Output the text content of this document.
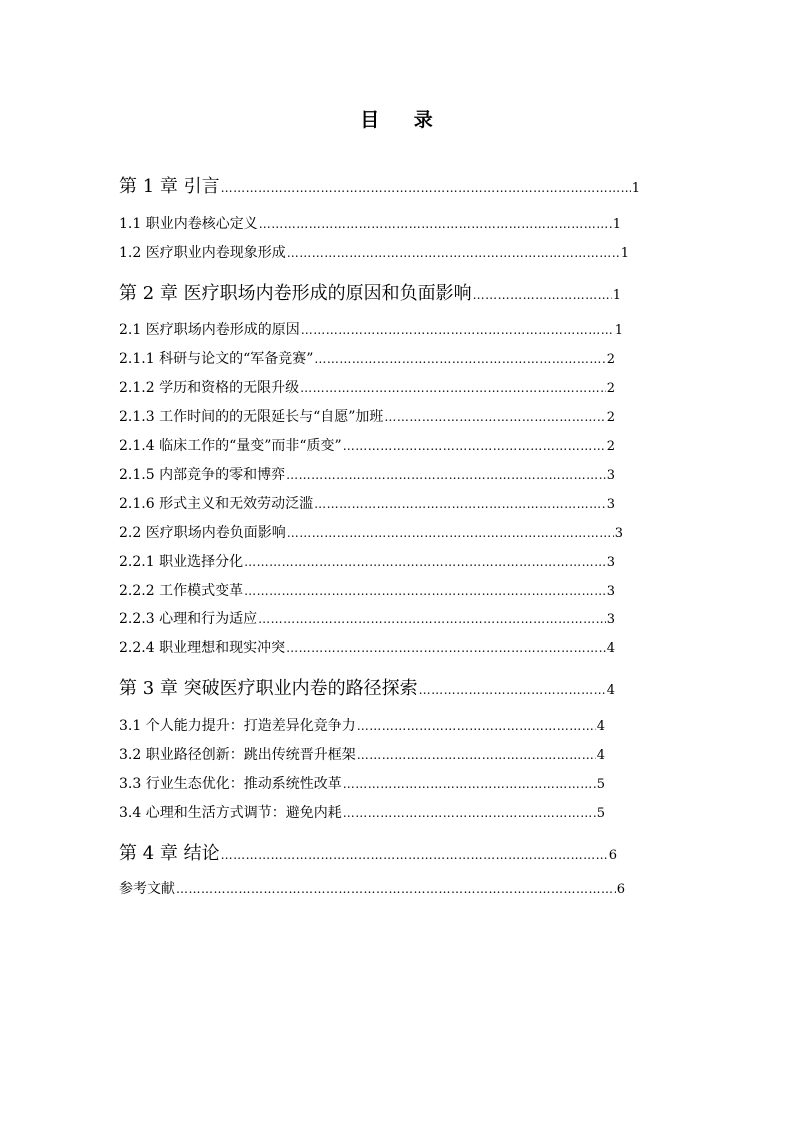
目 录
第 1 章 引言 ……………………………………………………………………………………………………………………………………………………………………	1
1.1 职业内卷核心定义 ……………………………………………………………………………………………………………………………………………………………………	1
1.2 医疗职业内卷现象形成 ……………………………………………………………………………………………………………………………………………………………………	1
第 2 章 医疗职场内卷形成的原因和负面影响 ……………………………………………………………………………………………………………………………………………………………………	1
2.1 医疗职场内卷形成的原因 ……………………………………………………………………………………………………………………………………………………………………	1
2.1.1 科研与论文的“军备竞赛” ……………………………………………………………………………………………………………………………………………………………………	2
2.1.2 学历和资格的无限升级 ……………………………………………………………………………………………………………………………………………………………………	2
2.1.3 工作时间的的无限延长与“自愿”加班 ……………………………………………………………………………………………………………………………………………………………………	2
2.1.4 临床工作的“量变”而非“质变” ……………………………………………………………………………………………………………………………………………………………………	2
2.1.5 内部竞争的零和博弈 ……………………………………………………………………………………………………………………………………………………………………	3
2.1.6 形式主义和无效劳动泛滥 ……………………………………………………………………………………………………………………………………………………………………	3
2.2 医疗职场内卷负面影响 ……………………………………………………………………………………………………………………………………………………………………	3
2.2.1 职业选择分化 ……………………………………………………………………………………………………………………………………………………………………	3
2.2.2 工作模式变革 ……………………………………………………………………………………………………………………………………………………………………	3
2.2.3 心理和行为适应 ……………………………………………………………………………………………………………………………………………………………………	3
2.2.4 职业理想和现实冲突 ……………………………………………………………………………………………………………………………………………………………………	4
第 3 章 突破医疗职业内卷的路径探索 ……………………………………………………………………………………………………………………………………………………………………	4
3.1 个人能力提升：打造差异化竞争力 ……………………………………………………………………………………………………………………………………………………………………	4
3.2 职业路径创新：跳出传统晋升框架 ……………………………………………………………………………………………………………………………………………………………………	4
3.3 行业生态优化：推动系统性改革 ……………………………………………………………………………………………………………………………………………………………………	5
3.4 心理和生活方式调节：避免内耗 ……………………………………………………………………………………………………………………………………………………………………	5
第 4 章 结论 ……………………………………………………………………………………………………………………………………………………………………	6
参考文献 ……………………………………………………………………………………………………………………………………………………………………	6
